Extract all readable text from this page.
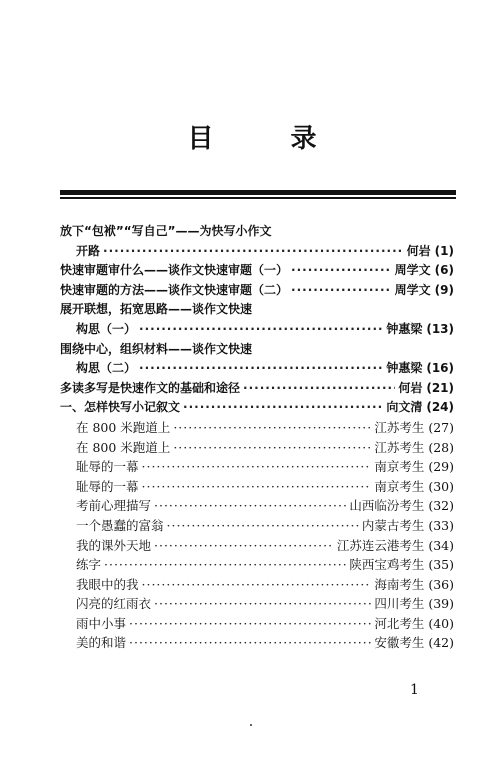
目 录
放下“包袱”“写自己”——为快写小作文
开路 ·····	何岩 (1)
快速审题审什么——谈作文快速审题（一） ·····	周学文 (6)
快速审题的方法——谈作文快速审题（二） ·····	周学文 (9)
展开联想，拓宽思路——谈作文快速
构思（一） ·····	钟惠梁 (13)
围绕中心，组织材料——谈作文快速
构思（二） ·····	钟惠梁 (16)
多读多写是快速作文的基础和途径 ·····	何岩 (21)
一、怎样快写小记叙文 ·····	向文清 (24)
在 800 米跑道上 ·····	江苏考生 (27)
在 800 米跑道上 ·····	江苏考生 (28)
耻辱的一幕 ·····	南京考生 (29)
耻辱的一幕 ·····	南京考生 (30)
考前心理描写 ·····	山西临汾考生 (32)
一个愚蠢的富翁 ·····	内蒙古考生 (33)
我的课外天地 ·····	江苏连云港考生 (34)
练字 ·····	陕西宝鸡考生 (35)
我眼中的我 ·····	海南考生 (36)
闪亮的红雨衣 ·····	四川考生 (39)
雨中小事 ·····	河北考生 (40)
美的和谐 ·····	安徽考生 (42)
1
